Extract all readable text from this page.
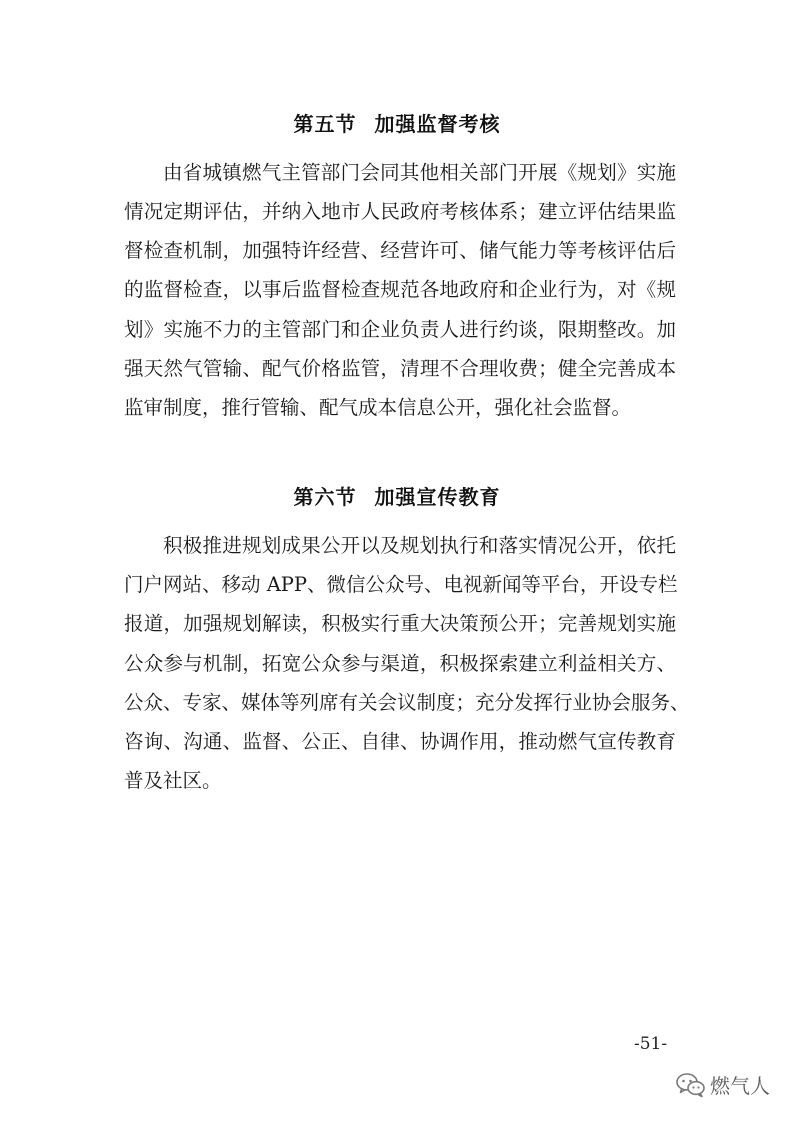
第五节 加强监督考核
由省城镇燃气主管部门会同其他相关部门开展《规划》实施
情况定期评估，并纳入地市人民政府考核体系；建立评估结果监
督检查机制，加强特许经营、经营许可、储气能力等考核评估后
的监督检查，以事后监督检查规范各地政府和企业行为，对《规
划》实施不力的主管部门和企业负责人进行约谈，限期整改。加
强天然气管输、配气价格监管，清理不合理收费；健全完善成本
监审制度，推行管输、配气成本信息公开，强化社会监督。
第六节 加强宣传教育
积极推进规划成果公开以及规划执行和落实情况公开，依托
门户网站、移动 APP、微信公众号、电视新闻等平台，开设专栏
报道，加强规划解读，积极实行重大决策预公开；完善规划实施
公众参与机制，拓宽公众参与渠道，积极探索建立利益相关方、
公众、专家、媒体等列席有关会议制度；充分发挥行业协会服务、
咨询、沟通、监督、公正、自律、协调作用，推动燃气宣传教育
普及社区。
-51-
燃气人
